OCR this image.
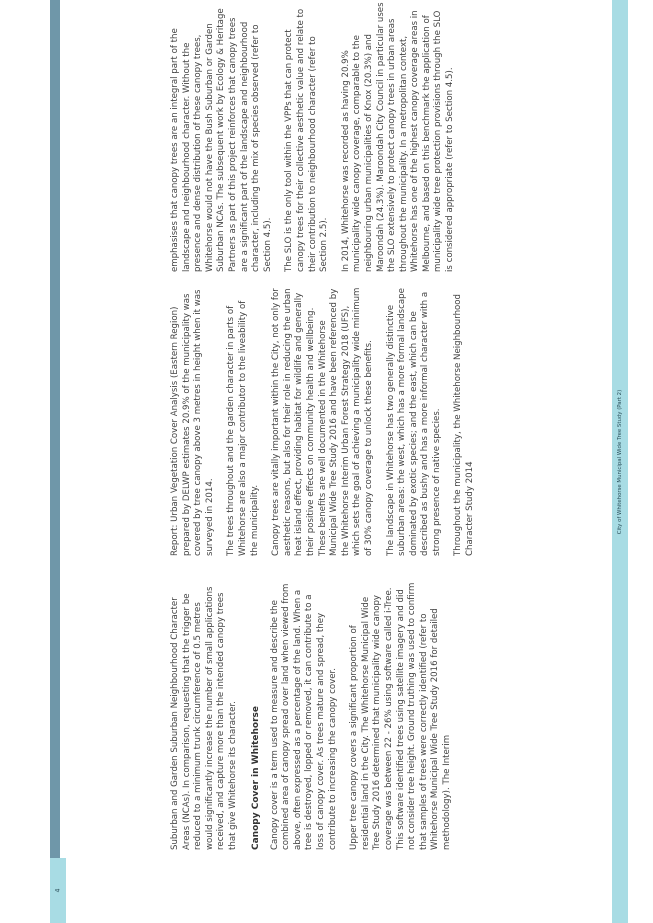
4
City of Whitehorse Municipal Wide Tree Study (Part 2)

Suburban and Garden Suburban Neighbourhood Character Areas (NCAs). In comparison, requesting that the trigger be reduced to a minimum trunk circumference of 0.5 metres would significantly increase the number of small applications received, and capture more than the intended canopy trees that give Whitehorse its character. Canopy Cover in Whitehorse Canopy cover is a term used to measure and describe the combined area of canopy spread over land when viewed from above, often expressed as a percentage of the land. When a tree is destroyed, lopped or removed, it can contribute to a loss of canopy cover. As trees mature and spread, they contribute to increasing the canopy cover. Upper tree canopy covers a significant proportion of residential land in the City. The Whitehorse Municipal Wide Tree Study 2016 determined that municipality wide canopy coverage was between 22 - 26% using software called i-Tree. This software identified trees using satellite imagery and did not consider tree height. Ground truthing was used to confirm that samples of trees were correctly identified (refer to Whitehorse Municipal Wide Tree Study 2016 for detailed methodology). The Interim

Report: Urban Vegetation Cover Analysis (Eastern Region) prepared by DELWP estimates 20.9% of the municipality was covered by tree canopy above 3 metres in height when it was surveyed in 2014. The trees throughout and the garden character in parts of Whitehorse are also a major contributor to the liveability of the municipality. Canopy trees are vitally important within the City, not only for aesthetic reasons, but also for their role in reducing the urban heat island effect, providing habitat for wildlife and generally their positive effects on community health and wellbeing. These benefits are well documented in the Whitehorse Municipal Wide Tree Study 2016 and have been referenced by the Whitehorse Interim Urban Forest Strategy 2018 (UFS), which sets the goal of achieving a municipality wide minimum of 30% canopy coverage to unlock these benefits. The landscape in Whitehorse has two generally distinctive suburban areas: the west, which has a more formal landscape dominated by exotic species; and the east, which can be described as bushy and has a more informal character with a strong presence of native species. Throughout the municipality, the Whitehorse Neighbourhood Character Study 2014

emphasises that canopy trees are an integral part of the landscape and neighbourhood character. Without the presence and dense distribution of these canopy trees, Whitehorse would not have the Bush Suburban or Garden Suburban NCAs. The subsequent work by Ecology & Heritage Partners as part of this project reinforces that canopy trees are a significant part of the landscape and neighbourhood character, including the mix of species observed (refer to Section 4.5). The SLO is the only tool within the VPPs that can protect canopy trees for their collective aesthetic value and relate to their contribution to neighbourhood character (refer to Section 2.5). In 2014, Whitehorse was recorded as having 20.9% municipality wide canopy coverage, comparable to the neighbouring urban municipalities of Knox (20.3%) and Maroondah (24.3%). Maroondah City Council in particular uses the SLO extensively to protect canopy trees in urban areas throughout the municipality. In a metropolitan context, Whitehorse has one of the highest canopy coverage areas in Melbourne, and based on this benchmark the application of municipality wide tree protection provisions through the SLO is considered appropriate (refer to Section 4.5).
